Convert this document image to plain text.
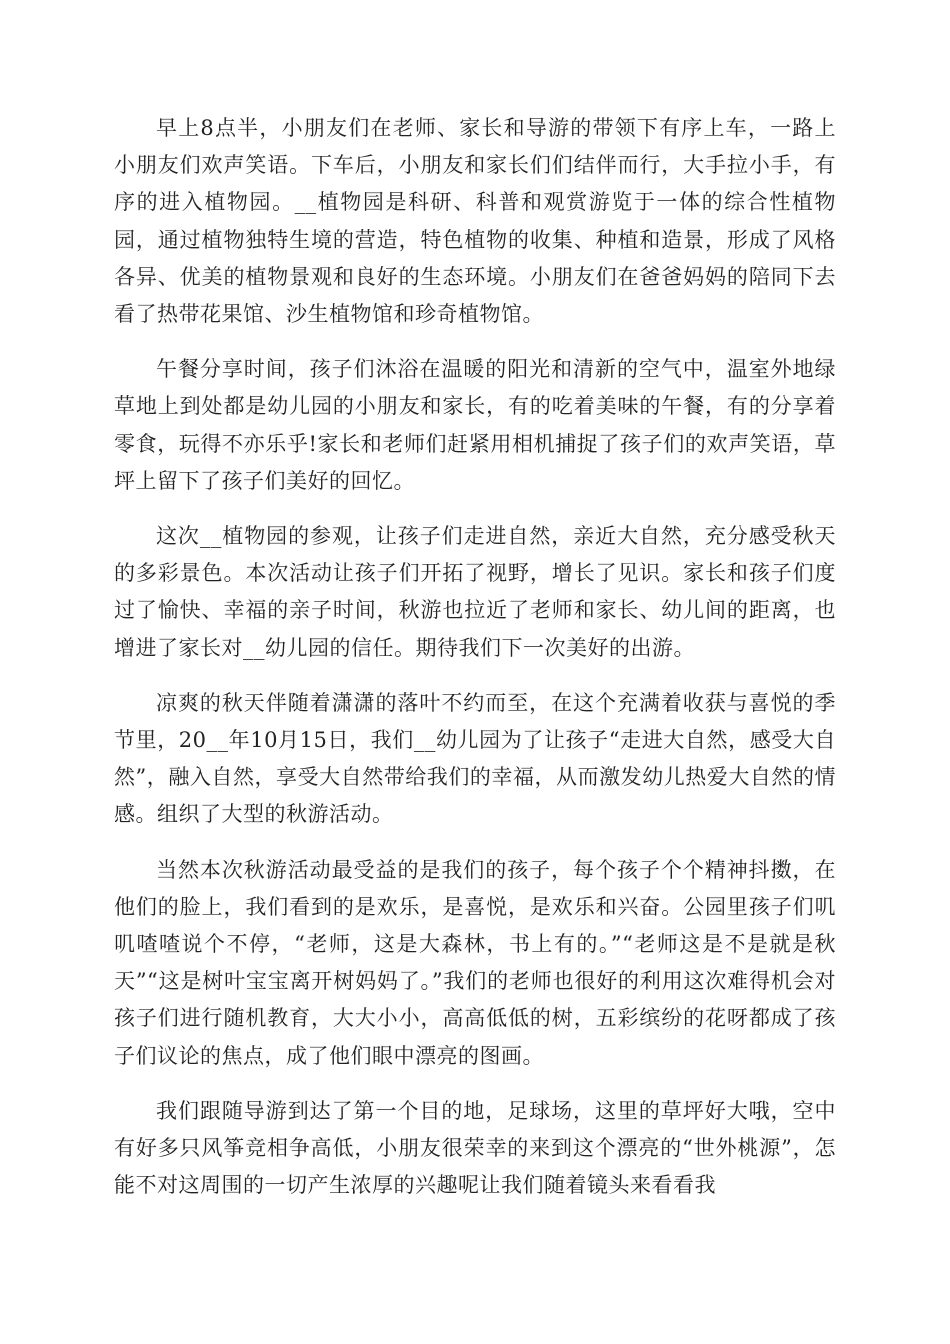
早上8点半，小朋友们在老师、家长和导游的带领下有序上车，一路上小朋友们欢声笑语。下车后，小朋友和家长们们结伴而行，大手拉小手，有序的进入植物园。__植物园是科研、科普和观赏游览于一体的综合性植物园，通过植物独特生境的营造，特色植物的收集、种植和造景，形成了风格各异、优美的植物景观和良好的生态环境。小朋友们在爸爸妈妈的陪同下去看了热带花果馆、沙生植物馆和珍奇植物馆。

午餐分享时间，孩子们沐浴在温暖的阳光和清新的空气中，温室外地绿草地上到处都是幼儿园的小朋友和家长，有的吃着美味的午餐，有的分享着零食，玩得不亦乐乎!家长和老师们赶紧用相机捕捉了孩子们的欢声笑语，草坪上留下了孩子们美好的回忆。

这次__植物园的参观，让孩子们走进自然，亲近大自然，充分感受秋天的多彩景色。本次活动让孩子们开拓了视野，增长了见识。家长和孩子们度过了愉快、幸福的亲子时间，秋游也拉近了老师和家长、幼儿间的距离，也增进了家长对__幼儿园的信任。期待我们下一次美好的出游。

凉爽的秋天伴随着潇潇的落叶不约而至，在这个充满着收获与喜悦的季节里，20__年10月15日，我们__幼儿园为了让孩子“走进大自然，感受大自然”，融入自然，享受大自然带给我们的幸福，从而激发幼儿热爱大自然的情感。组织了大型的秋游活动。

当然本次秋游活动最受益的是我们的孩子，每个孩子个个精神抖擞，在他们的脸上，我们看到的是欢乐，是喜悦，是欢乐和兴奋。公园里孩子们叽叽喳喳说个不停，“老师，这是大森林，书上有的。”“老师这是不是就是秋天”“这是树叶宝宝离开树妈妈了。”我们的老师也很好的利用这次难得机会对孩子们进行随机教育，大大小小，高高低低的树，五彩缤纷的花呀都成了孩子们议论的焦点，成了他们眼中漂亮的图画。

我们跟随导游到达了第一个目的地，足球场，这里的草坪好大哦，空中有好多只风筝竞相争高低，小朋友很荣幸的来到这个漂亮的“世外桃源”，怎能不对这周围的一切产生浓厚的兴趣呢让我们随着镜头来看看我
